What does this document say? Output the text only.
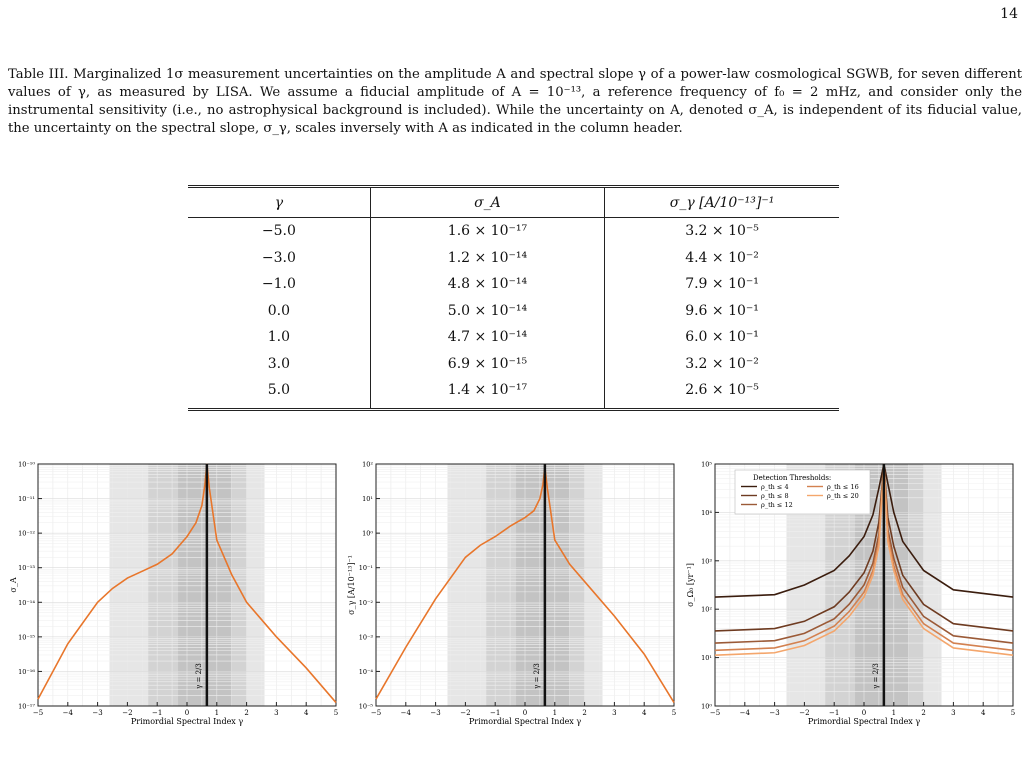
14
Table III. Marginalized 1σ measurement uncertainties on the amplitude A and spectral slope γ of a power-law cosmological SGWB, for seven different values of γ, as measured by LISA. We assume a fiducial amplitude of A = 10⁻¹³, a reference frequency of f₀ = 2 mHz, and consider only the instrumental sensitivity (i.e., no astrophysical background is included). While the uncertainty on A, denoted σ_A, is independent of its fiducial value, the uncertainty on the spectral slope, σ_γ, scales inversely with A as indicated in the column header.
γ	σ_A	σ_γ [A/10⁻¹³]⁻¹
−5.0	1.6 × 10⁻¹⁷	3.2 × 10⁻⁵
−3.0	1.2 × 10⁻¹⁴	4.4 × 10⁻²
−1.0	4.8 × 10⁻¹⁴	7.9 × 10⁻¹
0.0	5.0 × 10⁻¹⁴	9.6 × 10⁻¹
1.0	4.7 × 10⁻¹⁴	6.0 × 10⁻¹
3.0	6.9 × 10⁻¹⁵	3.2 × 10⁻²
5.0	1.4 × 10⁻¹⁷	2.6 × 10⁻⁵
−5	−4	−3	−2	−1	0	1	2	3	4	5
10⁻¹⁷
10⁻¹⁶
10⁻¹⁵
10⁻¹⁴
10⁻¹³
10⁻¹²
10⁻¹¹
10⁻¹⁰
Primordial Spectral Index γ
σ_A
γ = 2/3
−5	−4	−3	−2	−1	0	1	2	3	4	5
10⁻⁵
10⁻⁴
10⁻³
10⁻²
10⁻¹
10⁰
10¹
10²
Primordial Spectral Index γ
σ_γ [A/10⁻¹³]⁻¹
γ = 2/3
−5	−4	−3	−2	−1	0	1	2	3	4	5
10⁰
10¹
10²
10³
10⁴
10⁵
Primordial Spectral Index γ
σ_Ω₀ [yr⁻¹]
γ = 2/3
Detection Thresholds:
ρ_th ≤ 4
ρ_th ≤ 8
ρ_th ≤ 12
ρ_th ≤ 16
ρ_th ≤ 20
